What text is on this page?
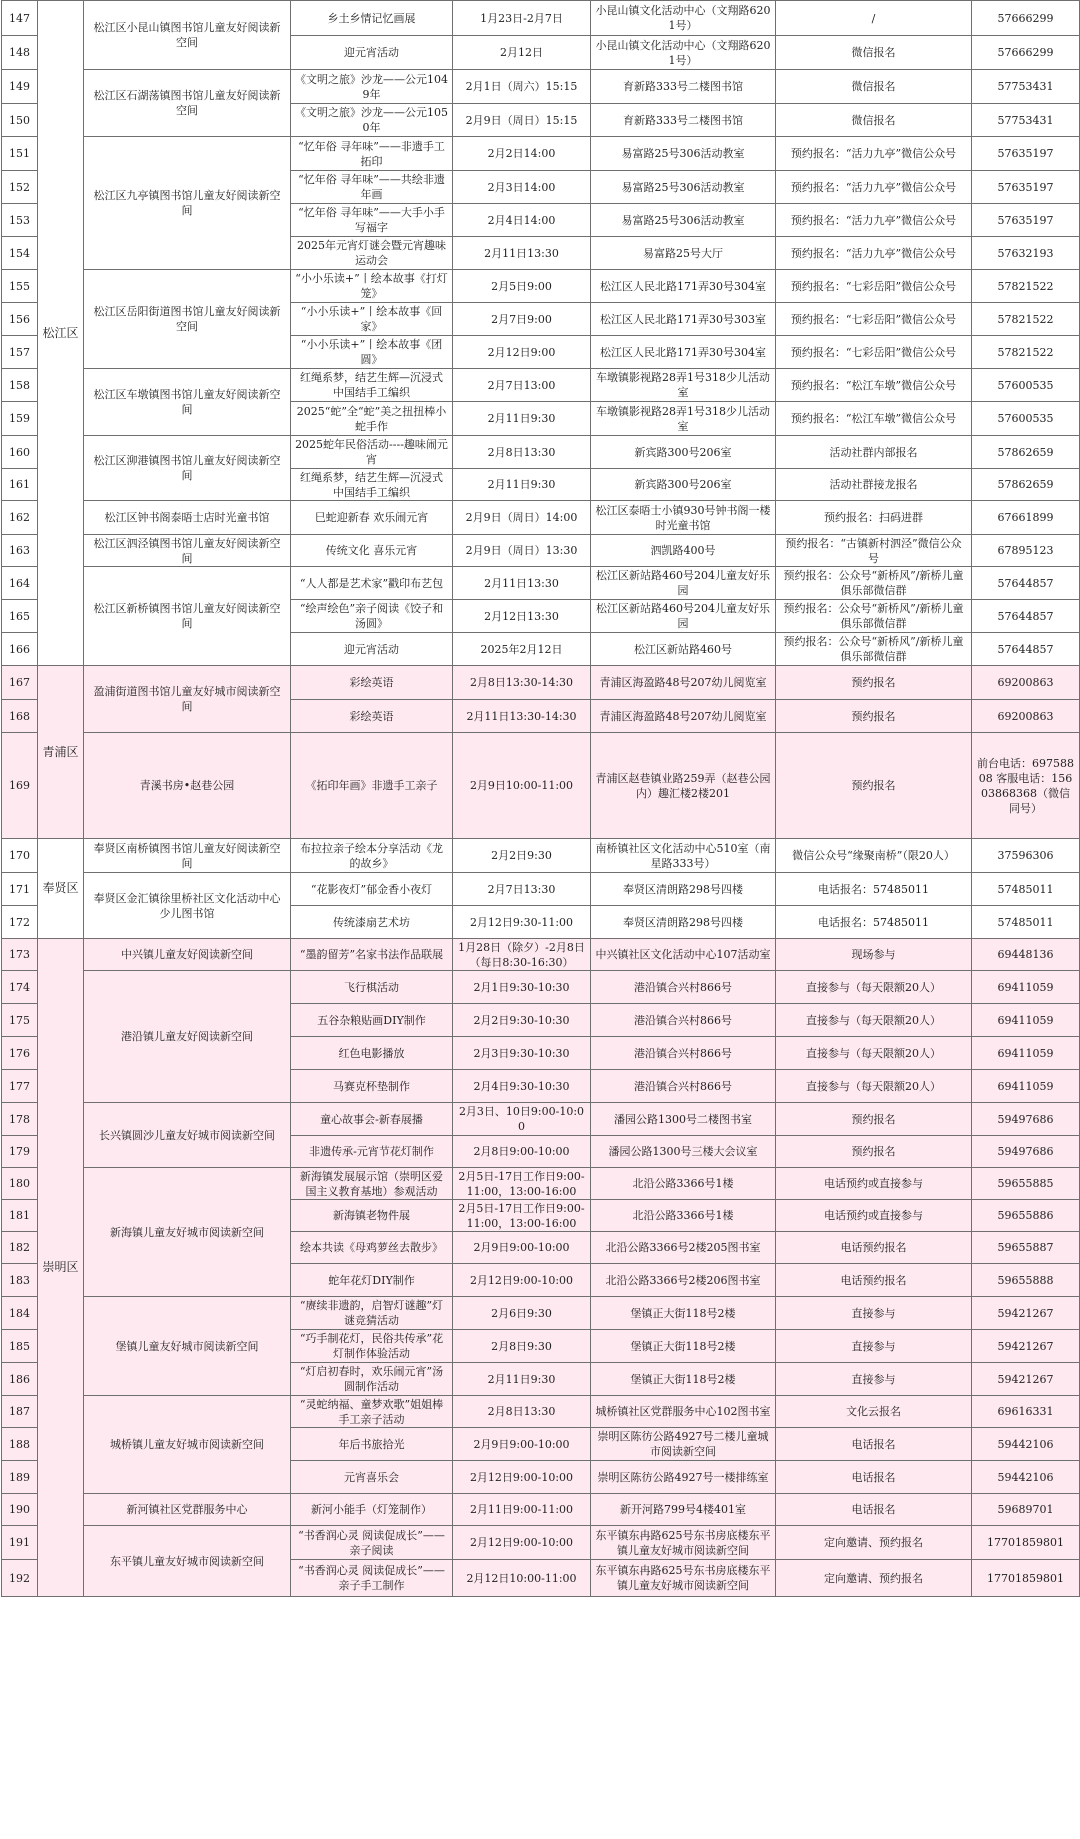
147	松江区	松江区小昆山镇图书馆儿童友好阅读新空间	乡土乡情记忆画展	1月23日-2月7日	小昆山镇文化活动中心（文翔路6201号）	/	57666299
148			迎元宵活动	2月12日	小昆山镇文化活动中心（文翔路6201号）	微信报名	57666299
149		松江区石湖荡镇图书馆儿童友好阅读新空间	《文明之旅》沙龙——公元1049年	2月1日（周六）15:15	育新路333号二楼图书馆	微信报名	57753431
150			《文明之旅》沙龙——公元1050年	2月9日（周日）15:15	育新路333号二楼图书馆	微信报名	57753431
151		松江区九亭镇图书馆儿童友好阅读新空间	“忆年俗 寻年味”——非遗手工拓印	2月2日14:00	易富路25号306活动教室	预约报名：“活力九亭”微信公众号	57635197
152			“忆年俗 寻年味”——共绘非遗年画	2月3日14:00	易富路25号306活动教室	预约报名：“活力九亭”微信公众号	57635197
153			“忆年俗 寻年味”——大手小手写福字	2月4日14:00	易富路25号306活动教室	预约报名：“活力九亭”微信公众号	57635197
154			2025年元宵灯谜会暨元宵趣味运动会	2月11日13:30	易富路25号大厅	预约报名：“活力九亭”微信公众号	57632193
155		松江区岳阳街道图书馆儿童友好阅读新空间	“小小乐读+”丨绘本故事《打灯笼》	2月5日9:00	松江区人民北路171弄30号304室	预约报名：“七彩岳阳”微信公众号	57821522
156			“小小乐读+”丨绘本故事《回家》	2月7日9:00	松江区人民北路171弄30号303室	预约报名：“七彩岳阳”微信公众号	57821522
157			“小小乐读+”丨绘本故事《团圆》	2月12日9:00	松江区人民北路171弄30号304室	预约报名：“七彩岳阳”微信公众号	57821522
158		松江区车墩镇图书馆儿童友好阅读新空间	红绳系梦，结艺生辉—沉浸式中国结手工编织	2月7日13:00	车墩镇影视路28弄1号318少儿活动室	预约报名：“松江车墩”微信公众号	57600535
159			2025“蛇”全“蛇”美之扭扭棒小蛇手作	2月11日9:30	车墩镇影视路28弄1号318少儿活动室	预约报名：“松江车墩”微信公众号	57600535
160		松江区泖港镇图书馆儿童友好阅读新空间	2025蛇年民俗活动----趣味闹元宵	2月8日13:30	新宾路300号206室	活动社群内部报名	57862659
161			红绳系梦，结艺生辉—沉浸式中国结手工编织	2月11日9:30	新宾路300号206室	活动社群接龙报名	57862659
162		松江区钟书阁泰晤士店时光童书馆	巳蛇迎新春 欢乐闹元宵	2月9日（周日）14:00	松江区泰晤士小镇930号钟书阁一楼时光童书馆	预约报名：扫码进群	67661899
163		松江区泗泾镇图书馆儿童友好阅读新空间	传统文化 喜乐元宵	2月9日（周日）13:30	泗凯路400号	预约报名：“古镇新村泗泾”微信公众号	67895123
164		松江区新桥镇图书馆儿童友好阅读新空间	“人人都是艺术家”戳印布艺包	2月11日13:30	松江区新站路460号204儿童友好乐园	预约报名：公众号“新桥风”/新桥儿童俱乐部微信群	57644857
165			“绘声绘色”亲子阅读《饺子和汤圆》	2月12日13:30	松江区新站路460号204儿童友好乐园	预约报名：公众号“新桥风”/新桥儿童俱乐部微信群	57644857
166			迎元宵活动	2025年2月12日	松江区新站路460号	预约报名：公众号“新桥风”/新桥儿童俱乐部微信群	57644857
167	青浦区	盈浦街道图书馆儿童友好城市阅读新空间	彩绘英语	2月8日13:30-14:30	青浦区海盈路48号207幼儿阅览室	预约报名	69200863
168			彩绘英语	2月11日13:30-14:30	青浦区海盈路48号207幼儿阅览室	预约报名	69200863
169		青溪书房•赵巷公园	《拓印年画》非遗手工亲子	2月9日10:00-11:00	青浦区赵巷镇业路259弄（赵巷公园内）趣汇楼2楼201	预约报名	前台电话：69758808 客服电话：15603868368（微信同号）
170	奉贤区	奉贤区南桥镇图书馆儿童友好阅读新空间	布拉拉亲子绘本分享活动《龙的故乡》	2月2日9:30	南桥镇社区文化活动中心510室（南星路333号）	微信公众号“缘聚南桥”（限20人）	37596306
171		奉贤区金汇镇徐里桥社区文化活动中心少儿图书馆	“花影夜灯”郁金香小夜灯	2月7日13:30	奉贤区清朗路298号四楼	电话报名：57485011	57485011
172			传统漆扇艺术坊	2月12日9:30-11:00	奉贤区清朗路298号四楼	电话报名：57485011	57485011
173	崇明区	中兴镇儿童友好阅读新空间	“墨韵留芳”名家书法作品联展	1月28日（除夕）-2月8日（每日8:30-16:30）	中兴镇社区文化活动中心107活动室	现场参与	69448136
174		港沿镇儿童友好阅读新空间	飞行棋活动	2月1日9:30-10:30	港沿镇合兴村866号	直接参与（每天限额20人）	69411059
175			五谷杂粮贴画DIY制作	2月2日9:30-10:30	港沿镇合兴村866号	直接参与（每天限额20人）	69411059
176			红色电影播放	2月3日9:30-10:30	港沿镇合兴村866号	直接参与（每天限额20人）	69411059
177			马赛克杯垫制作	2月4日9:30-10:30	港沿镇合兴村866号	直接参与（每天限额20人）	69411059
178		长兴镇圆沙儿童友好城市阅读新空间	童心故事会-新春展播	2月3日、10日9:00-10:00	潘园公路1300号二楼图书室	预约报名	59497686
179			非遗传承-元宵节花灯制作	2月8日9:00-10:00	潘园公路1300号三楼大会议室	预约报名	59497686
180		新海镇儿童友好城市阅读新空间	新海镇发展展示馆（崇明区爱国主义教育基地）参观活动	2月5日-17日工作日9:00-11:00，13:00-16:00	北沿公路3366号1楼	电话预约或直接参与	59655885
181			新海镇老物件展	2月5日-17日工作日9:00-11:00，13:00-16:00	北沿公路3366号1楼	电话预约或直接参与	59655886
182			绘本共读《母鸡萝丝去散步》	2月9日9:00-10:00	北沿公路3366号2楼205图书室	电话预约报名	59655887
183			蛇年花灯DIY制作	2月12日9:00-10:00	北沿公路3366号2楼206图书室	电话预约报名	59655888
184		堡镇儿童友好城市阅读新空间	“赓续非遗韵，启智灯谜趣”灯谜竞猜活动	2月6日9:30	堡镇正大街118号2楼	直接参与	59421267
185			“巧手制花灯，民俗共传承”花灯制作体验活动	2月8日9:30	堡镇正大街118号2楼	直接参与	59421267
186			“灯启初春时，欢乐闹元宵”汤圆制作活动	2月11日9:30	堡镇正大街118号2楼	直接参与	59421267
187		城桥镇儿童友好城市阅读新空间	“灵蛇纳福、童梦欢歌”姐姐棒手工亲子活动	2月8日13:30	城桥镇社区党群服务中心102图书室	文化云报名	69616331
188			年后书旅拾光	2月9日9:00-10:00	崇明区陈彷公路4927号二楼儿童城市阅读新空间	电话报名	59442106
189			元宵喜乐会	2月12日9:00-10:00	崇明区陈彷公路4927号一楼排练室	电话报名	59442106
190		新河镇社区党群服务中心	新河小能手（灯笼制作）	2月11日9:00-11:00	新开河路799号4楼401室	电话报名	59689701
191		东平镇儿童友好城市阅读新空间	“书香润心灵 阅读促成长”——亲子阅读	2月12日9:00-10:00	东平镇东冉路625号东书房底楼东平镇儿童友好城市阅读新空间	定向邀请、预约报名	17701859801
192			“书香润心灵 阅读促成长”——亲子手工制作	2月12日10:00-11:00	东平镇东冉路625号东书房底楼东平镇儿童友好城市阅读新空间	定向邀请、预约报名	17701859801
